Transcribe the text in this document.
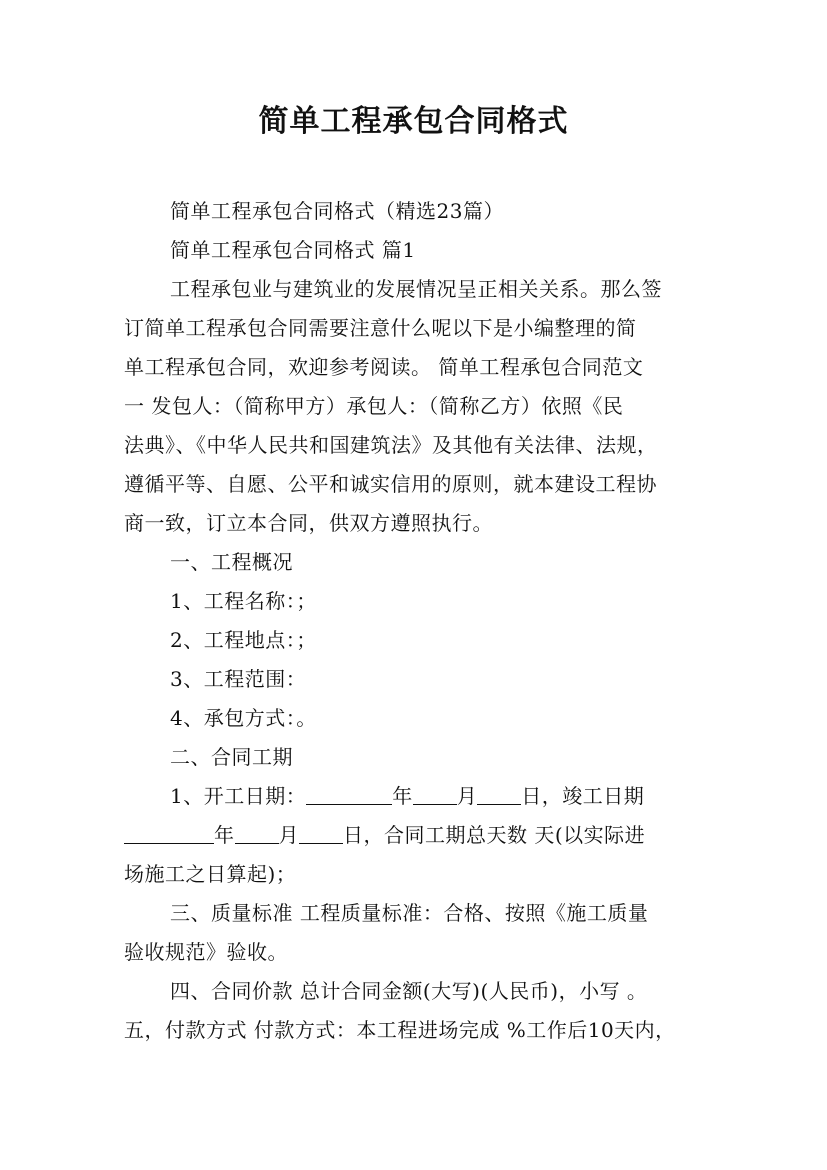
简单工程承包合同格式
简单工程承包合同格式（精选23篇）
简单工程承包合同格式 篇1
工程承包业与建筑业的发展情况呈正相关关系。那么签
订简单工程承包合同需要注意什么呢以下是小编整理的简
单工程承包合同，欢迎参考阅读。 简单工程承包合同范文
一 发包人：（简称甲方）承包人：（简称乙方）依照《民
法典》、《中华人民共和国建筑法》及其他有关法律、法规，
遵循平等、自愿、公平和诚实信用的原则，就本建设工程协
商一致，订立本合同，供双方遵照执行。
一、工程概况
1、工程名称：；
2、工程地点：；
3、工程范围：
4、承包方式：。
二、合同工期
1、开工日期：	年 月 日，竣工日期
年 月 日，合同工期总天数 天(以实际进
场施工之日算起)；
三、质量标准 工程质量标准：合格、按照《施工质量
验收规范》验收。
四、合同价款 总计合同金额(大写)(人民币)，小写 。
五，付款方式 付款方式：本工程进场完成 %工作后10天内，
